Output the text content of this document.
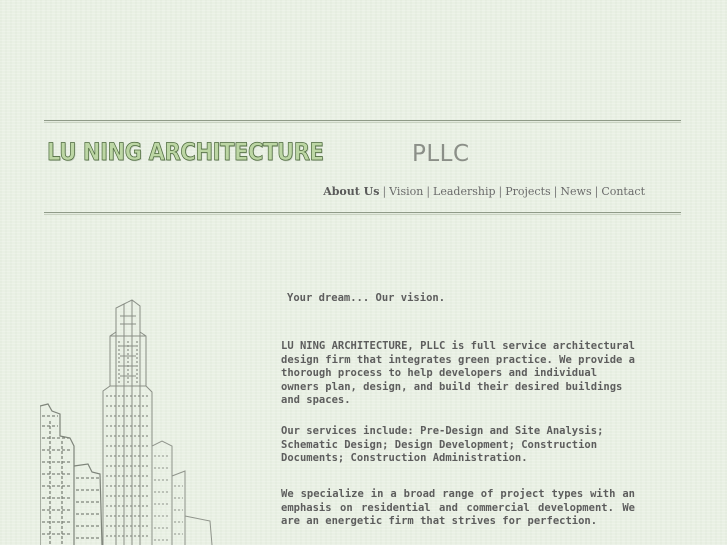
LU NING ARCHITECTURE	PLLC
About Us | Vision | Leadership | Projects | News | Contact
Your dream... Our vision.
LU NING ARCHITECTURE, PLLC is full service architectural design firm that integrates green practice. We provide a thorough process to help developers and individual owners plan, design, and build their desired buildings and spaces.
Our services include: Pre-Design and Site Analysis; Schematic Design; Design Development; Construction Documents; Construction Administration.
We specialize in a broad range of project types with an emphasis on residential and commercial development. We are an energetic firm that strives for perfection.
